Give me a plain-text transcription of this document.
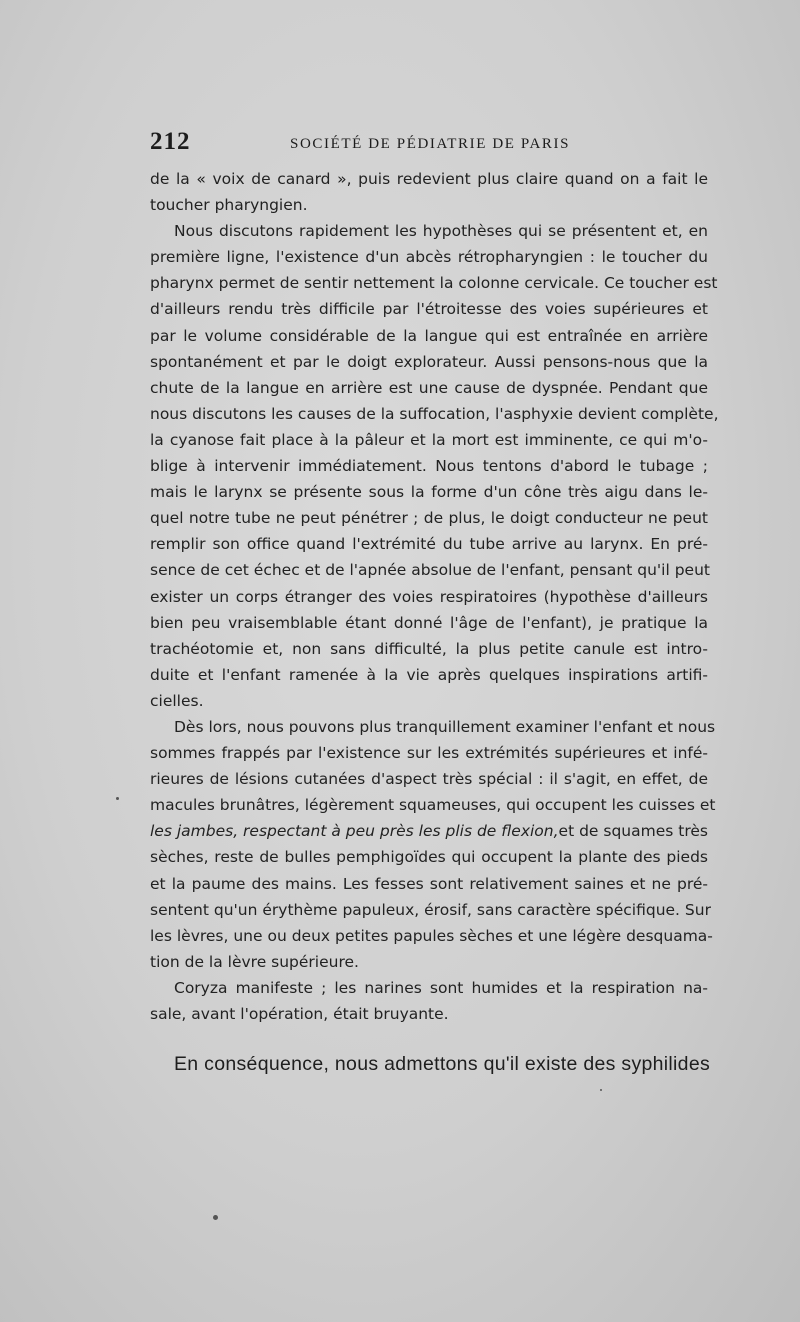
212	SOCIÉTÉ DE PÉDIATRIE DE PARIS
de la « voix de canard », puis redevient plus claire quand on a fait le
toucher pharyngien.
Nous discutons rapidement les hypothèses qui se présentent et, en
première ligne, l'existence d'un abcès rétropharyngien : le toucher du
pharynx permet de sentir nettement la colonne cervicale. Ce toucher est
d'ailleurs rendu très difficile par l'étroitesse des voies supérieures et
par le volume considérable de la langue qui est entraînée en arrière
spontanément et par le doigt explorateur. Aussi pensons-nous que la
chute de la langue en arrière est une cause de dyspnée. Pendant que
nous discutons les causes de la suffocation, l'asphyxie devient complète,
la cyanose fait place à la pâleur et la mort est imminente, ce qui m'o-
blige à intervenir immédiatement. Nous tentons d'abord le tubage ;
mais le larynx se présente sous la forme d'un cône très aigu dans le-
quel notre tube ne peut pénétrer ; de plus, le doigt conducteur ne peut
remplir son office quand l'extrémité du tube arrive au larynx. En pré-
sence de cet échec et de l'apnée absolue de l'enfant, pensant qu'il peut
exister un corps étranger des voies respiratoires (hypothèse d'ailleurs
bien peu vraisemblable étant donné l'âge de l'enfant), je pratique la
trachéotomie et, non sans difficulté, la plus petite canule est intro-
duite et l'enfant ramenée à la vie après quelques inspirations artifi-
cielles.
Dès lors, nous pouvons plus tranquillement examiner l'enfant et nous
sommes frappés par l'existence sur les extrémités supérieures et infé-
rieures de lésions cutanées d'aspect très spécial : il s'agit, en effet, de
macules brunâtres, légèrement squameuses, qui occupent les cuisses et
les jambes, respectant à peu près les plis de flexion,et de squames très
sèches, reste de bulles pemphigoïdes qui occupent la plante des pieds
et la paume des mains. Les fesses sont relativement saines et ne pré-
sentent qu'un érythème papuleux, érosif, sans caractère spécifique. Sur
les lèvres, une ou deux petites papules sèches et une légère desquama-
tion de la lèvre supérieure.
Coryza manifeste ; les narines sont humides et la respiration na-
sale, avant l'opération, était bruyante.
En conséquence, nous admettons qu'il existe des syphilides
